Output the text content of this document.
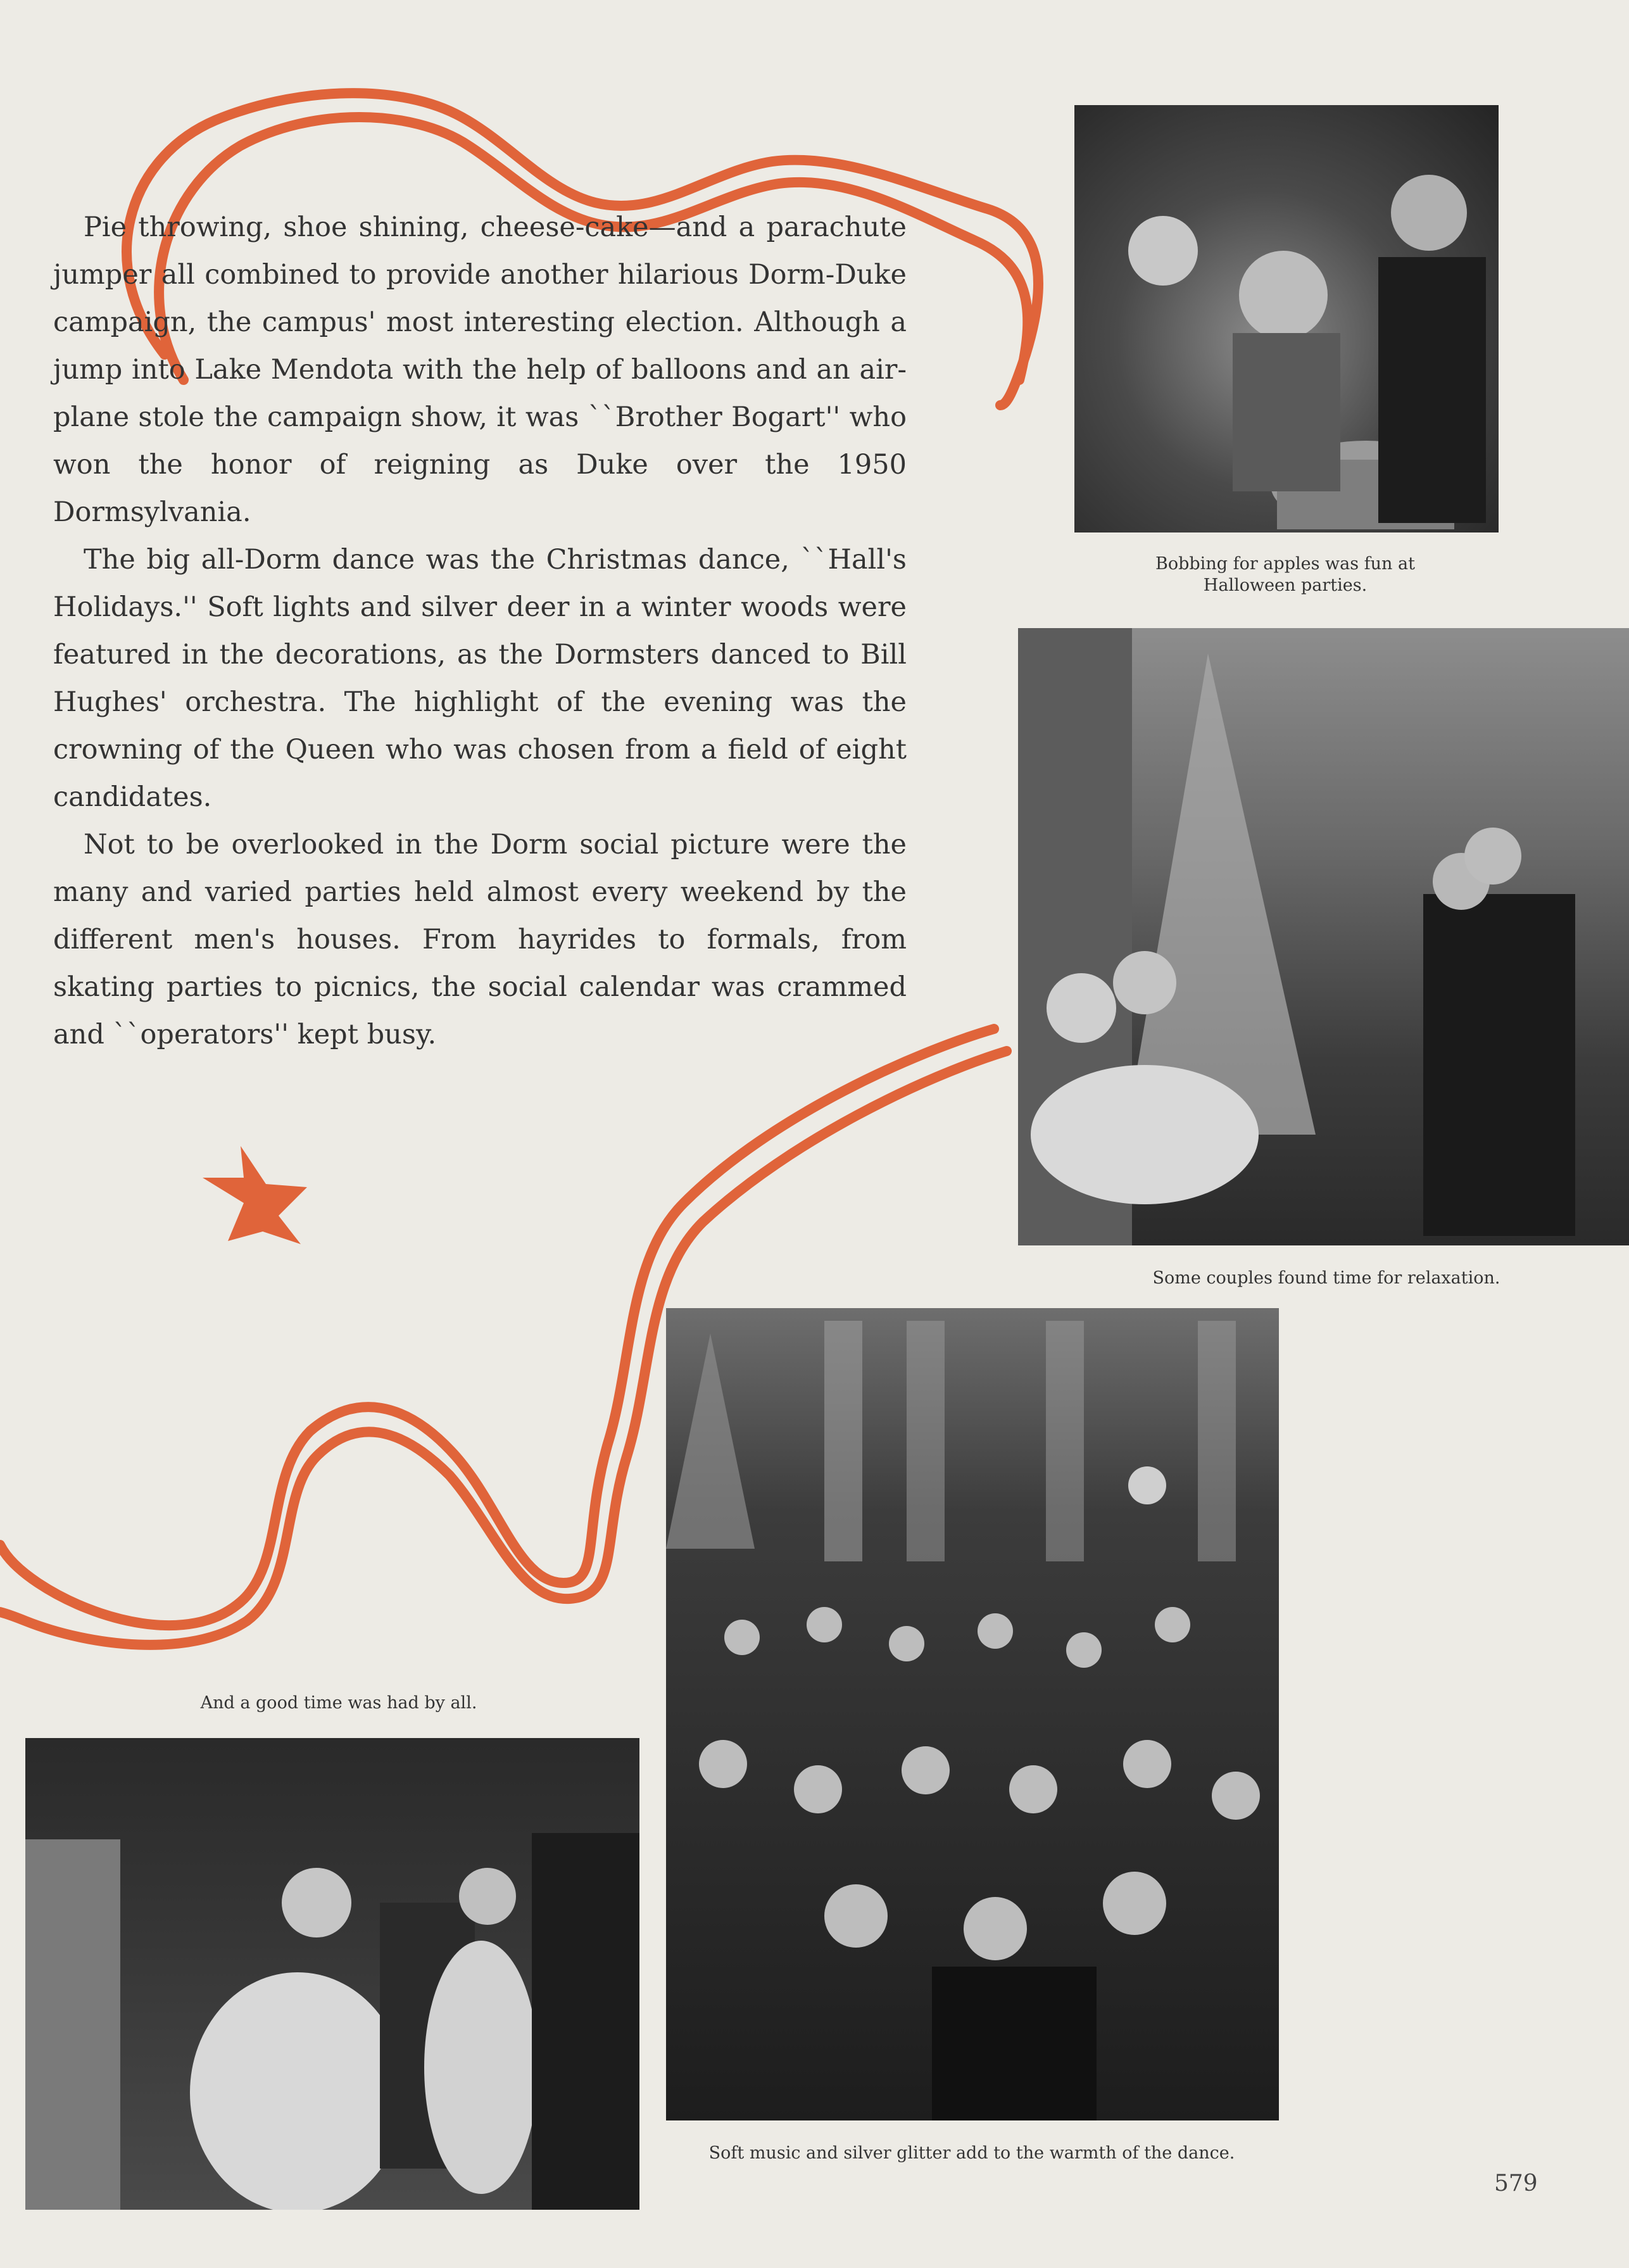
Pie throwing, shoe shining, cheese-cake—and a parachute jumper all combined to provide another hilarious Dorm-Duke campaign, the campus' most interesting election. Although a jump into Lake Mendota with the help of balloons and an air-plane stole the campaign show, it was ``Brother Bogart'' who won the honor of reigning as Duke over the 1950 Dormsylvania.

The big all-Dorm dance was the Christmas dance, ``Hall's Holidays.'' Soft lights and silver deer in a winter woods were featured in the decorations, as the Dormsters danced to Bill Hughes' orchestra. The highlight of the evening was the crowning of the Queen who was chosen from a field of eight candidates.

Not to be overlooked in the Dorm social picture were the many and varied parties held almost every weekend by the different men's houses. From hayrides to formals, from skating parties to picnics, the social calendar was crammed and ``operators'' kept busy.

Bobbing for apples was fun at Halloween parties.
Some couples found time for relaxation.
Soft music and silver glitter add to the warmth of the dance.
And a good time was had by all.
579
